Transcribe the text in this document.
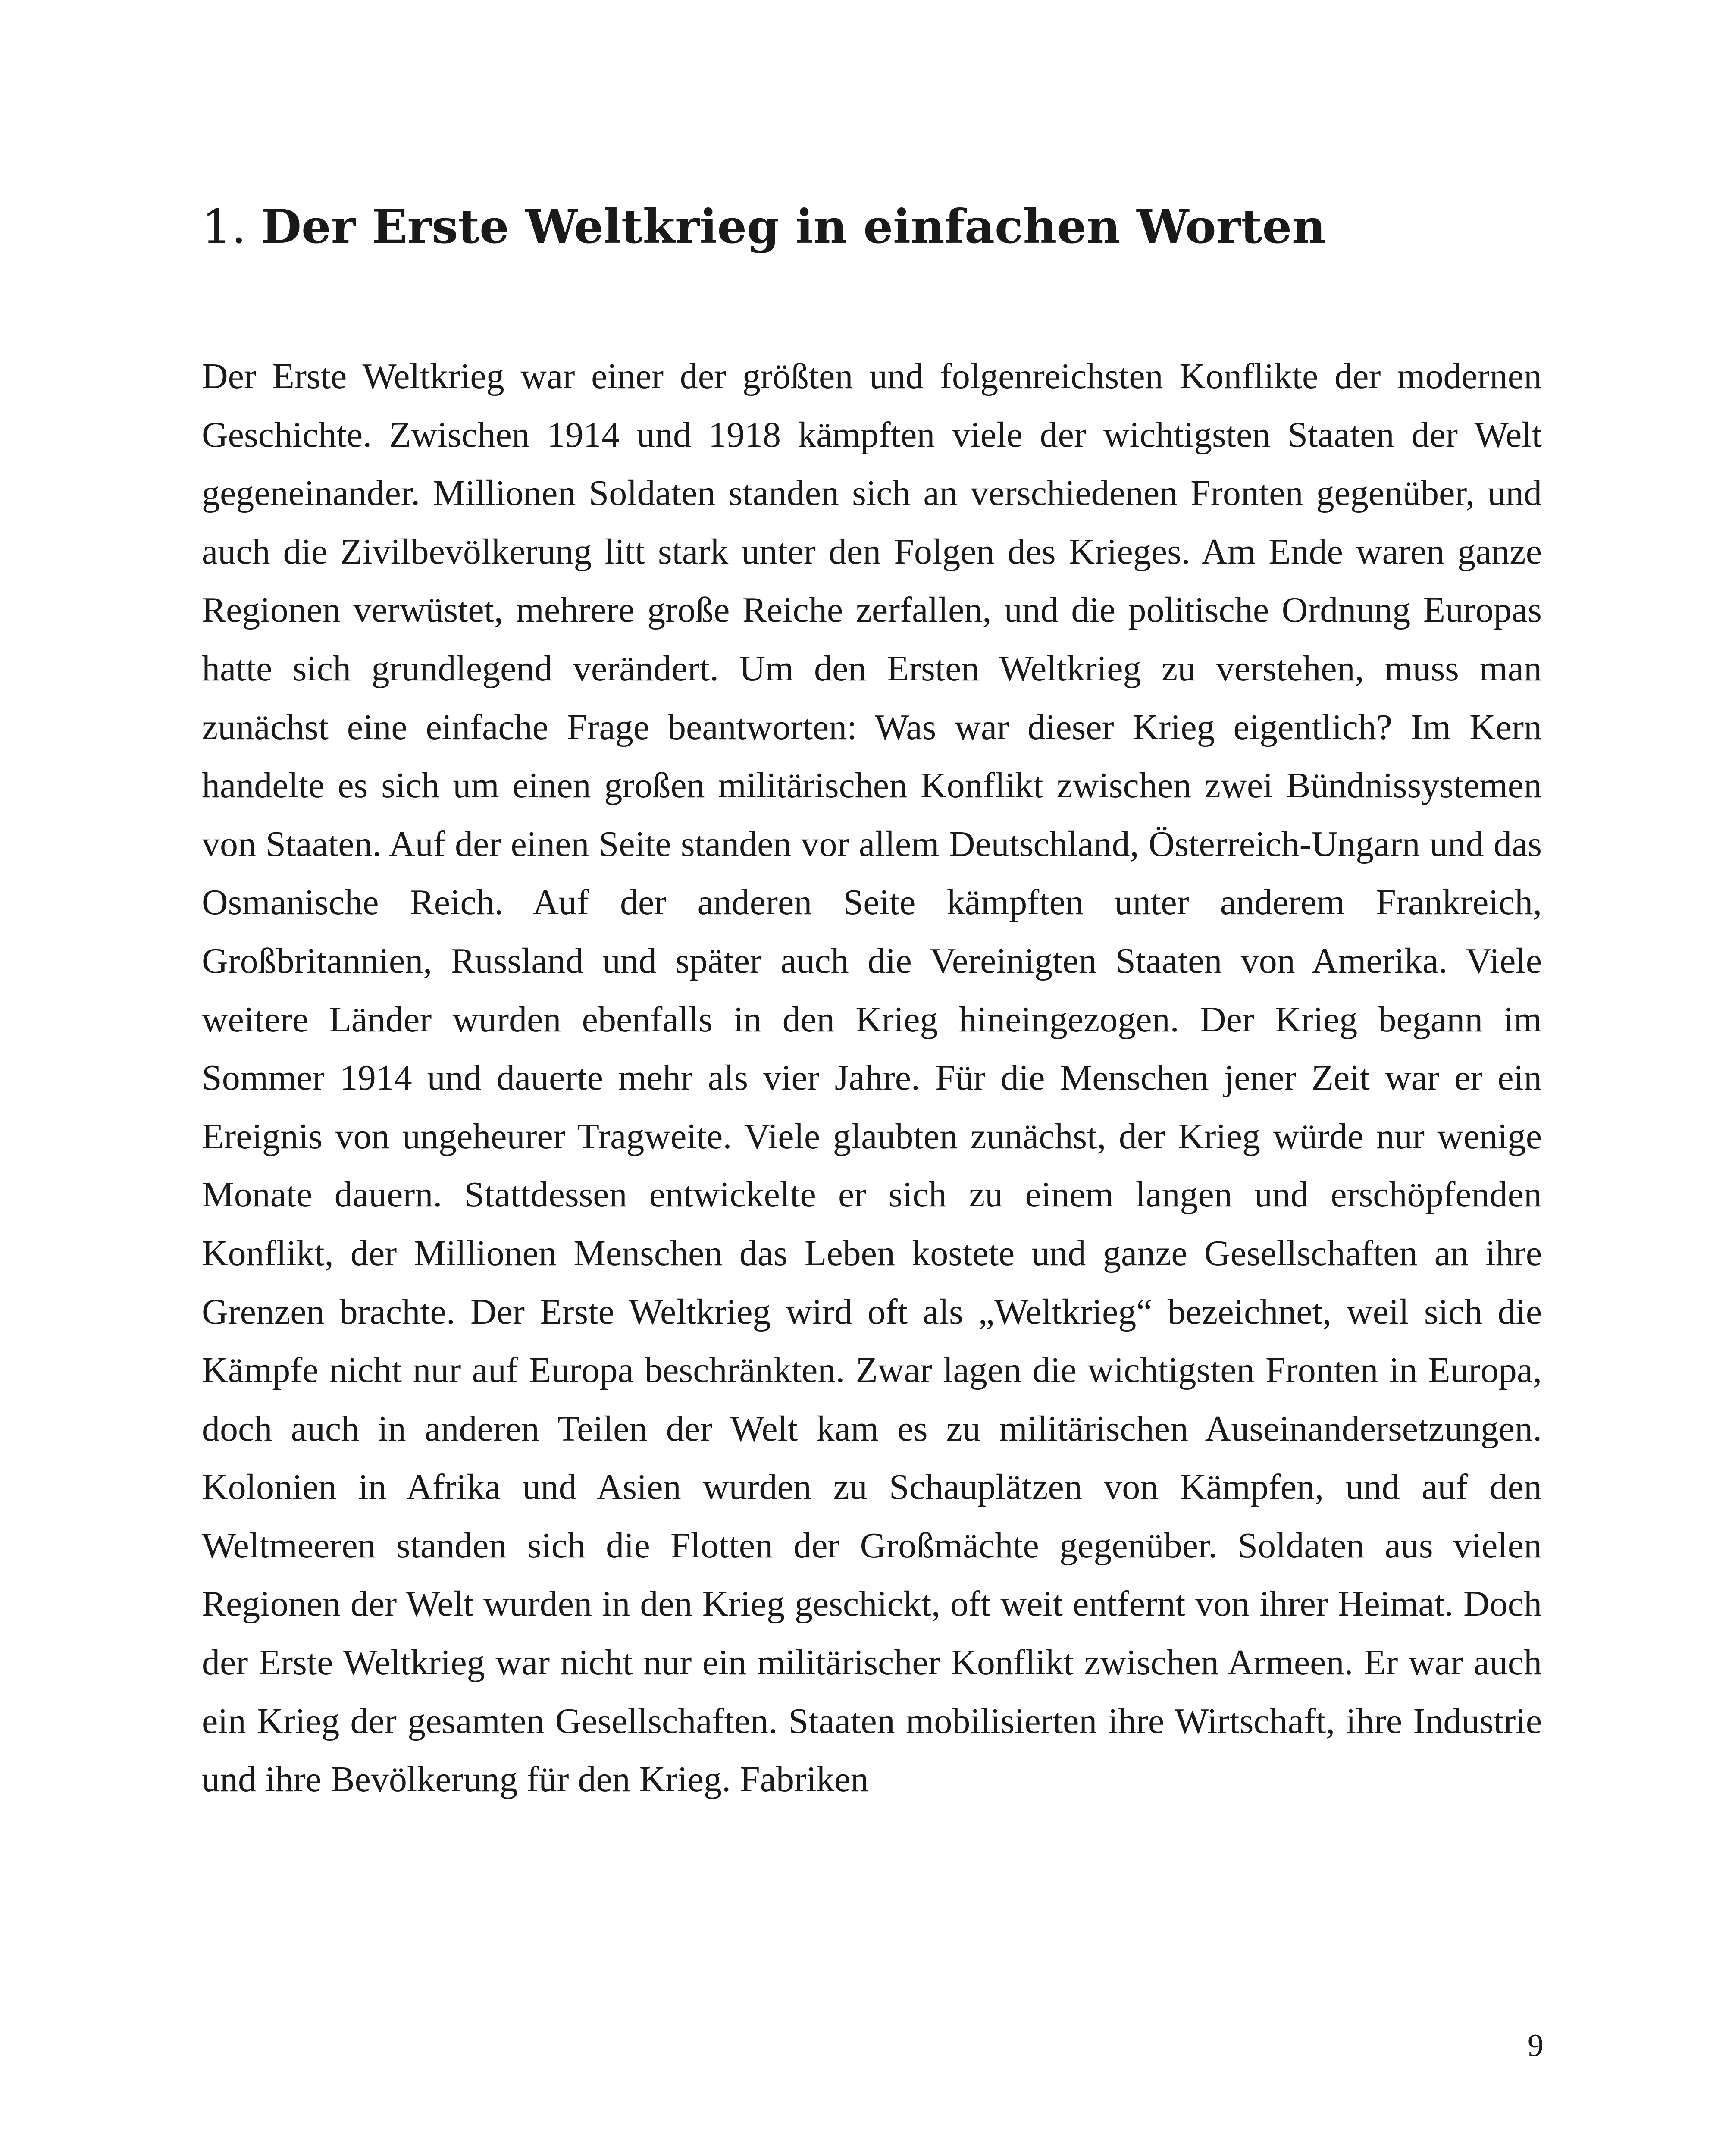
1. Der Erste Weltkrieg in einfachen Worten

Der Erste Weltkrieg war einer der größten und folgenreichsten Konflikte der modernen Geschichte. Zwischen 1914 und 1918 kämpften viele der wichtigsten Staaten der Welt gegeneinander. Millionen Soldaten standen sich an verschiedenen Fronten gegenüber, und auch die Zivilbevölkerung litt stark unter den Folgen des Krieges. Am Ende waren ganze Regionen verwüstet, mehrere große Reiche zerfallen, und die politische Ordnung Europas hatte sich grundlegend verändert. Um den Ersten Weltkrieg zu verstehen, muss man zunächst eine einfache Frage beantworten: Was war dieser Krieg eigentlich? Im Kern handelte es sich um einen großen militärischen Konflikt zwischen zwei Bündnissystemen von Staaten. Auf der einen Seite standen vor allem Deutschland, Österreich-Ungarn und das Osmanische Reich. Auf der anderen Seite kämpften unter anderem Frankreich, Großbritannien, Russland und später auch die Vereinigten Staaten von Amerika. Viele weitere Länder wurden ebenfalls in den Krieg hineingezogen. Der Krieg begann im Sommer 1914 und dauerte mehr als vier Jahre. Für die Menschen jener Zeit war er ein Ereignis von ungeheurer Tragweite. Viele glaubten zunächst, der Krieg würde nur wenige Monate dauern. Stattdessen entwickelte er sich zu einem langen und erschöpfenden Konflikt, der Millionen Menschen das Leben kostete und ganze Gesellschaften an ihre Grenzen brachte. Der Erste Weltkrieg wird oft als „Weltkrieg“ bezeichnet, weil sich die Kämpfe nicht nur auf Europa beschränkten. Zwar lagen die wichtigsten Fronten in Europa, doch auch in anderen Teilen der Welt kam es zu militärischen Auseinandersetzungen. Kolonien in Afrika und Asien wurden zu Schauplätzen von Kämpfen, und auf den Weltmeeren standen sich die Flotten der Großmächte gegenüber. Soldaten aus vielen Regionen der Welt wurden in den Krieg geschickt, oft weit entfernt von ihrer Heimat. Doch der Erste Weltkrieg war nicht nur ein militärischer Konflikt zwischen Armeen. Er war auch ein Krieg der gesamten Gesellschaften. Staaten mobilisierten ihre Wirtschaft, ihre Industrie und ihre Bevölkerung für den Krieg. Fabriken

9
